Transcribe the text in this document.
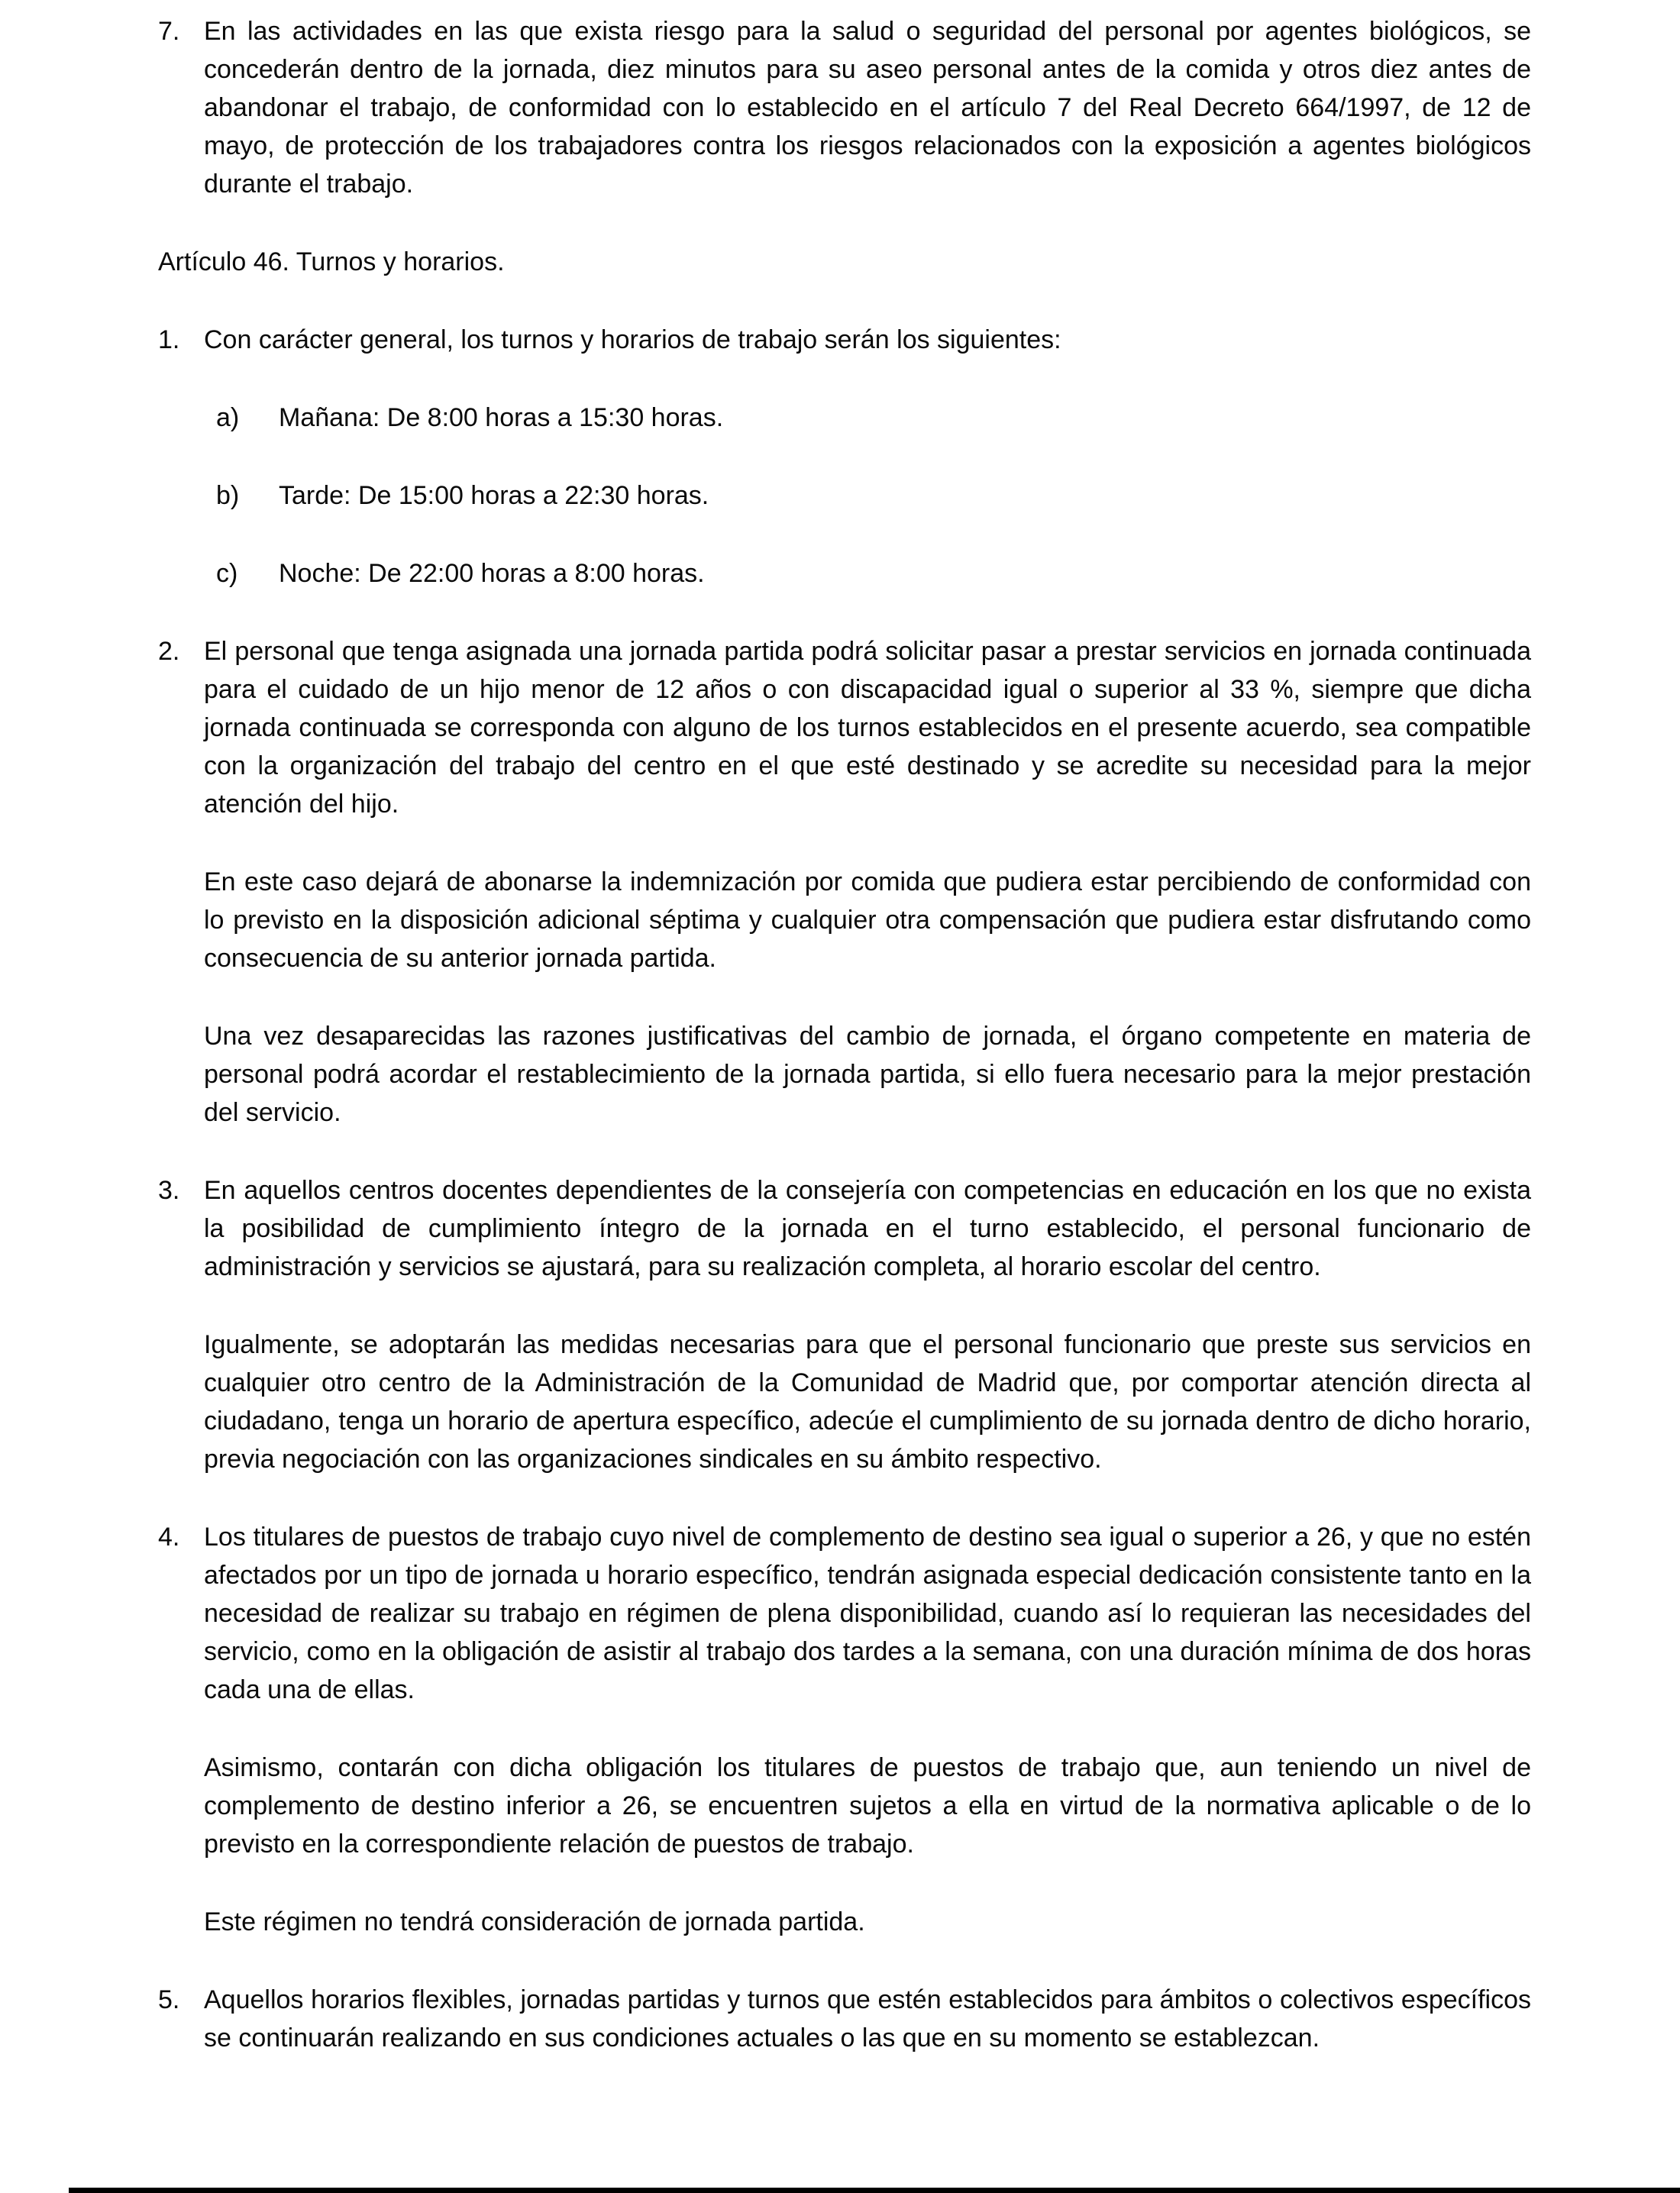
7. En las actividades en las que exista riesgo para la salud o seguridad del personal por agentes biológicos, se concederán dentro de la jornada, diez minutos para su aseo personal antes de la comida y otros diez antes de abandonar el trabajo, de conformidad con lo establecido en el artículo 7 del Real Decreto 664/1997, de 12 de mayo, de protección de los trabajadores contra los riesgos relacionados con la exposición a agentes biológicos durante el trabajo.
Artículo 46. Turnos y horarios.
1. Con carácter general, los turnos y horarios de trabajo serán los siguientes:
a)	Mañana: De 8:00 horas a 15:30 horas.
b)	Tarde: De 15:00 horas a 22:30 horas.
c)	Noche: De 22:00 horas a 8:00 horas.
2. El personal que tenga asignada una jornada partida podrá solicitar pasar a prestar servicios en jornada continuada para el cuidado de un hijo menor de 12 años o con discapacidad igual o superior al 33 %, siempre que dicha jornada continuada se corresponda con alguno de los turnos establecidos en el presente acuerdo, sea compatible con la organización del trabajo del centro en el que esté destinado y se acredite su necesidad para la mejor atención del hijo.
En este caso dejará de abonarse la indemnización por comida que pudiera estar percibiendo de conformidad con lo previsto en la disposición adicional séptima y cualquier otra compensación que pudiera estar disfrutando como consecuencia de su anterior jornada partida.
Una vez desaparecidas las razones justificativas del cambio de jornada, el órgano competente en materia de personal podrá acordar el restablecimiento de la jornada partida, si ello fuera necesario para la mejor prestación del servicio.
3. En aquellos centros docentes dependientes de la consejería con competencias en educación en los que no exista la posibilidad de cumplimiento íntegro de la jornada en el turno establecido, el personal funcionario de administración y servicios se ajustará, para su realización completa, al horario escolar del centro.
Igualmente, se adoptarán las medidas necesarias para que el personal funcionario que preste sus servicios en cualquier otro centro de la Administración de la Comunidad de Madrid que, por comportar atención directa al ciudadano, tenga un horario de apertura específico, adecúe el cumplimiento de su jornada dentro de dicho horario, previa negociación con las organizaciones sindicales en su ámbito respectivo.
4. Los titulares de puestos de trabajo cuyo nivel de complemento de destino sea igual o superior a 26, y que no estén afectados por un tipo de jornada u horario específico, tendrán asignada especial dedicación consistente tanto en la necesidad de realizar su trabajo en régimen de plena disponibilidad, cuando así lo requieran las necesidades del servicio, como en la obligación de asistir al trabajo dos tardes a la semana, con una duración mínima de dos horas cada una de ellas.
Asimismo, contarán con dicha obligación los titulares de puestos de trabajo que, aun teniendo un nivel de complemento de destino inferior a 26, se encuentren sujetos a ella en virtud de la normativa aplicable o de lo previsto en la correspondiente relación de puestos de trabajo.
Este régimen no tendrá consideración de jornada partida.
5. Aquellos horarios flexibles, jornadas partidas y turnos que estén establecidos para ámbitos o colectivos específicos se continuarán realizando en sus condiciones actuales o las que en su momento se establezcan.
